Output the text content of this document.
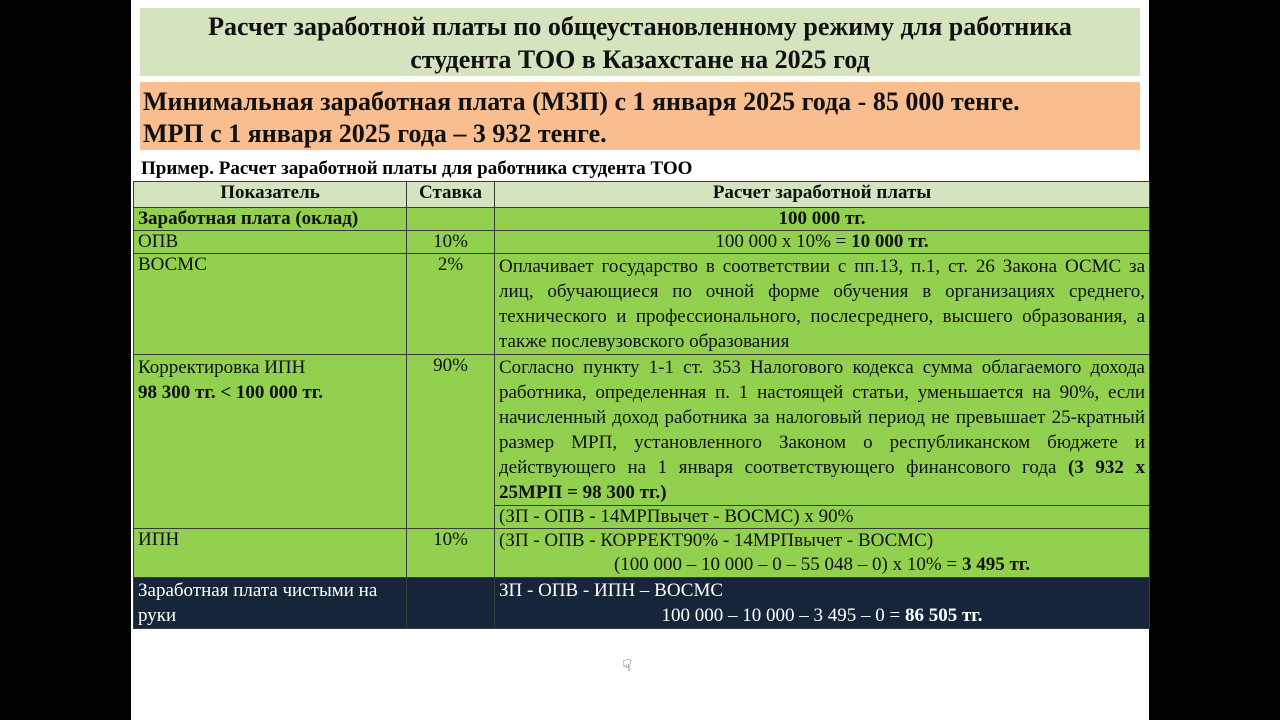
Расчет заработной платы по общеустановленному режиму для работника
студента ТОО в Казахстане на 2025 год
Минимальная заработная плата (МЗП) с 1 января 2025 года - 85 000 тенге.
МРП с 1 января 2025 года – 3 932 тенге.
Пример. Расчет заработной платы для работника студента ТОО
Показатель	Ставка	Расчет заработной платы
Заработная плата (оклад)		100 000 тг.
ОПВ	10%	100 000 х 10% = 10 000 тг.
ВОСМС	2%	Оплачивает государство в соответствии с пп.13, п.1, ст. 26 Закона ОСМС за лиц, обучающиеся по очной форме обучения в организациях среднего, технического и профессионального, послесреднего, высшего образования, а также послевузовского образования

Корректировка ИПН
98 300 тг. < 100 000 тг.	90%	Согласно пункту 1-1 ст. 353 Налогового кодекса сумма облагаемого дохода работника, определенная п. 1 настоящей статьи, уменьшается на 90%, если начисленный доход работника за налоговый период не превышает 25-кратный размер МРП, установленного Законом о республиканском бюджете и действующего на 1 января соответствующего финансового года (3 932 х 25МРП = 98 300 тг.)
		(ЗП - ОПВ - 14МРПвычет - ВОСМС) х 90%
ИПН	10%	(ЗП - ОПВ - КОРРЕКТ90% - 14МРПвычет - ВОСМС)
(100 000 – 10 000 – 0 – 55 048 – 0) х 10% = 3 495 тг.

Заработная плата чистыми на руки		ЗП - ОПВ - ИПН – ВОСМС
100 000 – 10 000 – 3 495 – 0 = 86 505 тг.
☟
